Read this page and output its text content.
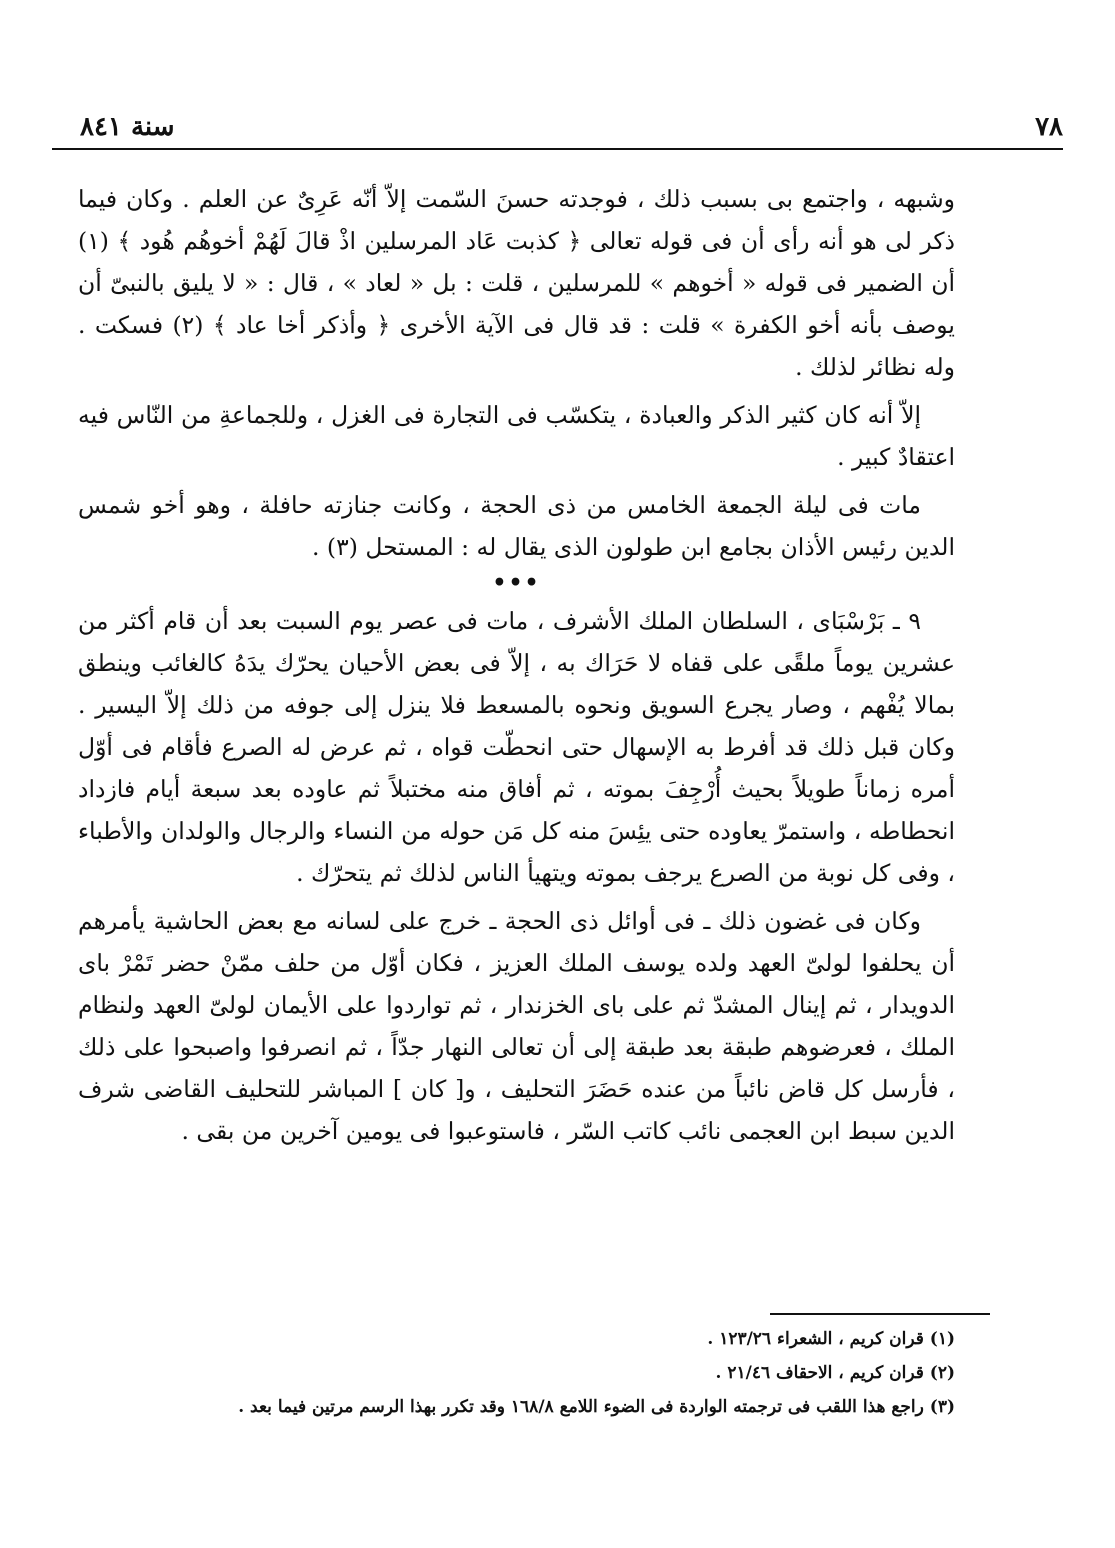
٧٨
سنة ٨٤١

وشبهه ، واجتمع بى بسبب ذلك ، فوجدته حسنَ السّمت إلاّ أنّه عَرِىٌ عن العلم . وكان فيما ذكر لى هو أنه رأى أن فى قوله تعالى ﴿ كذبت عَاد المرسلين اذْ قالَ لَهُمْ أخوهُم هُود ﴾ (١) أن الضمير فى قوله « أخوهم » للمرسلين ، قلت : بل « لعاد » ، قال : « لا يليق بالنبىّ أن يوصف بأنه أخو الكفرة » قلت : قد قال فى الآية الأخرى ﴿ وأذكر أخا عاد ﴾ (٢) فسكت . وله نظائر لذلك .

إلاّ أنه كان كثير الذكر والعبادة ، يتكسّب فى التجارة فى الغزل ، وللجماعةِ من النّاس فيه اعتقادٌ كبير .

مات فى ليلة الجمعة الخامس من ذى الحجة ، وكانت جنازته حافلة ، وهو أخو شمس الدين رئيس الأذان بجامع ابن طولون الذى يقال له : المستحل (٣) .

•••

٩ ـ بَرْسْبَاى ، السلطان الملك الأشرف ، مات فى عصر يوم السبت بعد أن قام أكثر من عشرين يوماً ملقًى على قفاه لا حَرَاك به ، إلاّ فى بعض الأحيان يحرّك يدَهُ كالغائب وينطق بمالا يُفْهم ، وصار يجرع السويق ونحوه بالمسعط فلا ينزل إلى جوفه من ذلك إلاّ اليسير . وكان قبل ذلك قد أفرط به الإسهال حتى انحطّت قواه ، ثم عرض له الصرع فأقام فى أوّل أمره زماناً طويلاً بحيث أُرْجِفَ بموته ، ثم أفاق منه مختبلاً ثم عاوده بعد سبعة أيام فازداد انحطاطه ، واستمرّ يعاوده حتى يئِسَ منه كل مَن حوله من النساء والرجال والولدان والأطباء ، وفى كل نوبة من الصرع يرجف بموته ويتهيأ الناس لذلك ثم يتحرّك .

وكان فى غضون ذلك ـ فى أوائل ذى الحجة ـ خرج على لسانه مع بعض الحاشية يأمرهم أن يحلفوا لولىّ العهد ولده يوسف الملك العزيز ، فكان أوّل من حلف ممّنْ حضر تَمْرْ باى الدويدار ، ثم إينال المشدّ ثم على باى الخزندار ، ثم تواردوا على الأيمان لولىّ العهد ولنظام الملك ، فعرضوهم طبقة بعد طبقة إلى أن تعالى النهار جدّاً ، ثم انصرفوا واصبحوا على ذلك ، فأرسل كل قاض نائباً من عنده حَضَرَ التحليف ، و[ كان ] المباشر للتحليف القاضى شرف الدين سبط ابن العجمى نائب كاتب السّر ، فاستوعبوا فى يومين آخرين من بقى .

(١) قران كريم ، الشعراء ١٢٣/٢٦ .

(٢) قران كريم ، الاحقاف ٢١/٤٦ .

(٣) راجع هذا اللقب فى ترجمته الواردة فى الضوء اللامع ١٦٨/٨ وقد تكرر بهذا الرسم مرتين فيما بعد .
